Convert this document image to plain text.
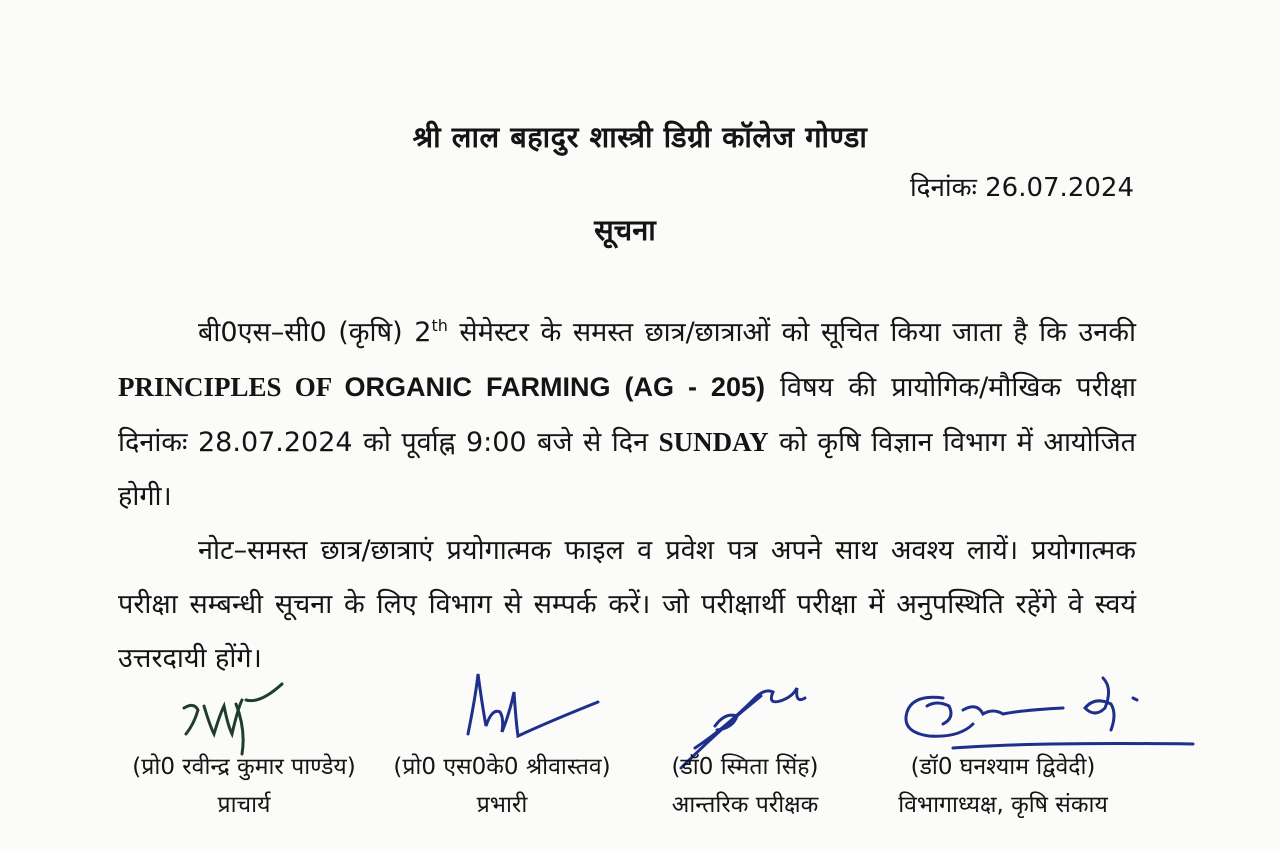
श्री लाल बहादुर शास्त्री डिग्री कॉलेज गोण्डा
दिनांकः 26.07.2024
सूचना

बी0एस–सी0 (कृषि) 2th सेमेस्टर के समस्त छात्र/छात्राओं को सूचित किया जाता है कि उनकी PRINCIPLES OF ORGANIC FARMING (AG - 205) विषय की प्रायोगिक/मौखिक परीक्षा दिनांकः 28.07.2024 को पूर्वाह्न 9:00 बजे से दिन SUNDAY को कृषि विज्ञान विभाग में आयोजित होगी।

नोट–समस्त छात्र/छात्राएं प्रयोगात्मक फाइल व प्रवेश पत्र अपने साथ अवश्य लायें। प्रयोगात्मक परीक्षा सम्बन्धी सूचना के लिए विभाग से सम्पर्क करें। जो परीक्षार्थी परीक्षा में अनुपस्थिति रहेंगे वे स्वयं उत्तरदायी होंगे।

(प्रो0 रवीन्द्र कुमार पाण्डेय)
प्राचार्य
(प्रो0 एस0के0 श्रीवास्तव)
प्रभारी
(डॉ0 स्मिता सिंह)
आन्तरिक परीक्षक
(डॉ0 घनश्याम द्विवेदी)
विभागाध्यक्ष, कृषि संकाय
